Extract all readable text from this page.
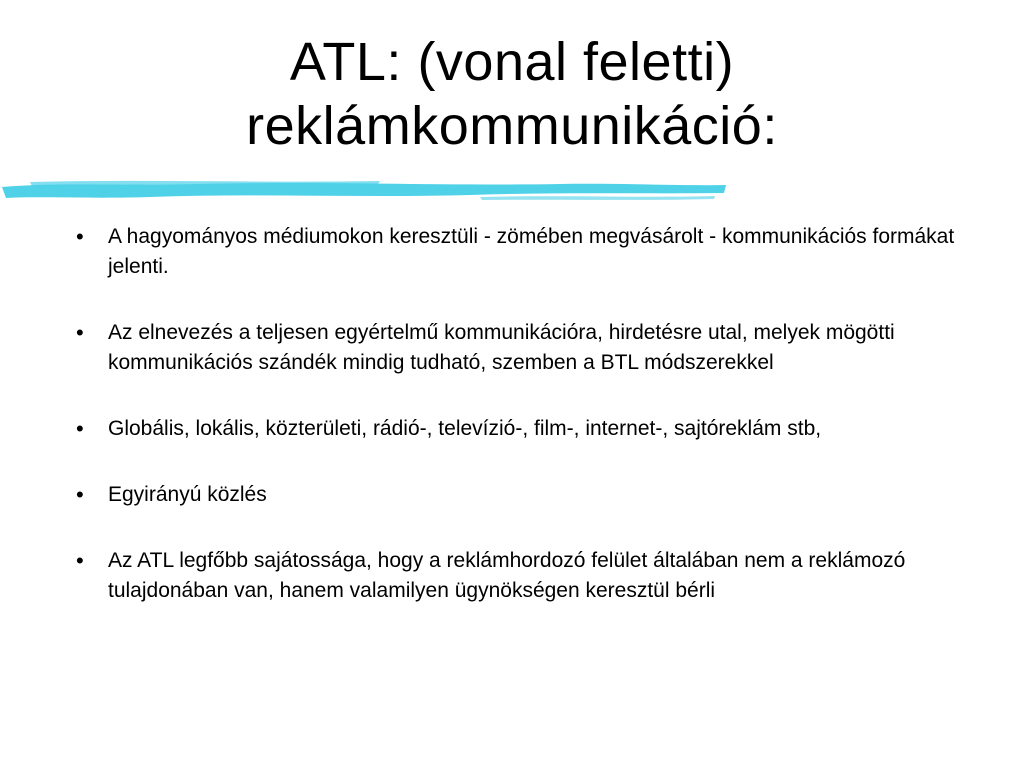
ATL: (vonal feletti)
reklámkommunikáció:
• A hagyományos médiumokon keresztüli - zömében megvásárolt - kommunikációs formákat jelenti.
• Az elnevezés a teljesen egyértelmű kommunikációra, hirdetésre utal, melyek mögötti kommunikációs szándék mindig tudható, szemben a BTL módszerekkel
• Globális, lokális, közterületi, rádió-, televízió-, film-, internet-, sajtóreklám stb,
• Egyirányú közlés
• Az ATL legfőbb sajátossága, hogy a reklámhordozó felület általában nem a reklámozó tulajdonában van, hanem valamilyen ügynökségen keresztül bérli
